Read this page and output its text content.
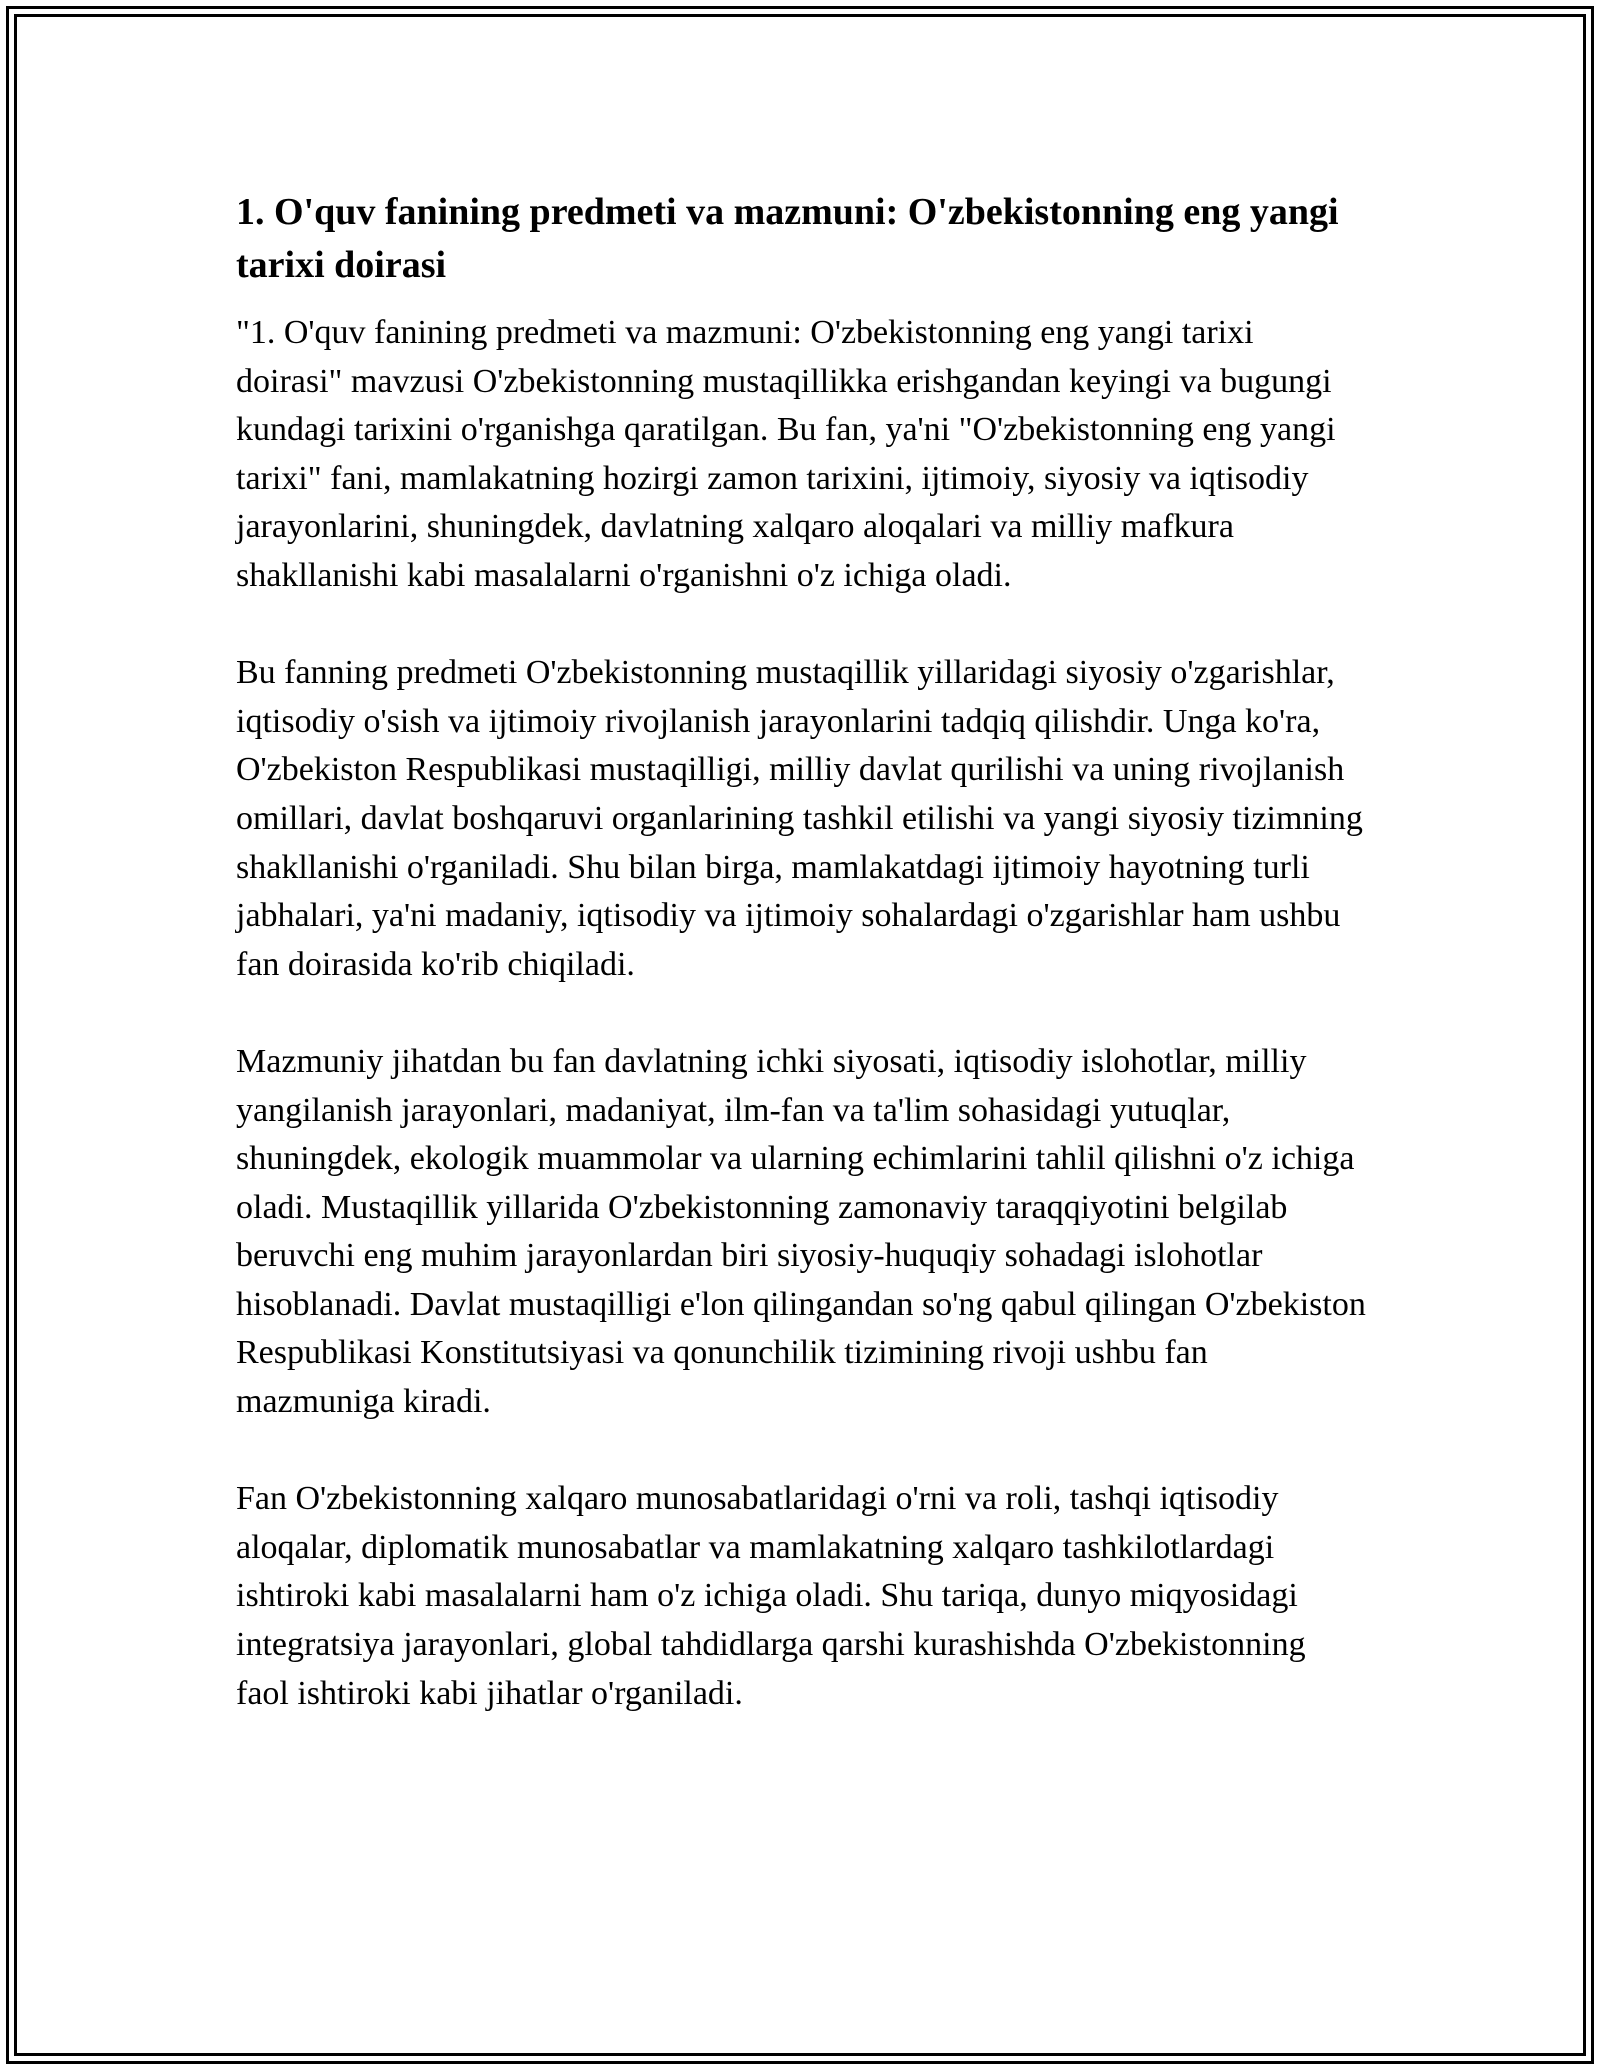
1. O'quv fanining predmeti va mazmuni: O'zbekistonning eng yangi tarixi doirasi

"1. O'quv fanining predmeti va mazmuni: O'zbekistonning eng yangi tarixi doirasi" mavzusi O'zbekistonning mustaqillikka erishgandan keyingi va bugungi kundagi tarixini o'rganishga qaratilgan. Bu fan, ya'ni "O'zbekistonning eng yangi tarixi" fani, mamlakatning hozirgi zamon tarixini, ijtimoiy, siyosiy va iqtisodiy jarayonlarini, shuningdek, davlatning xalqaro aloqalari va milliy mafkura shakllanishi kabi masalalarni o'rganishni o'z ichiga oladi.

Bu fanning predmeti O'zbekistonning mustaqillik yillaridagi siyosiy o'zgarishlar, iqtisodiy o'sish va ijtimoiy rivojlanish jarayonlarini tadqiq qilishdir. Unga ko'ra, O'zbekiston Respublikasi mustaqilligi, milliy davlat qurilishi va uning rivojlanish omillari, davlat boshqaruvi organlarining tashkil etilishi va yangi siyosiy tizimning shakllanishi o'rganiladi. Shu bilan birga, mamlakatdagi ijtimoiy hayotning turli jabhalari, ya'ni madaniy, iqtisodiy va ijtimoiy sohalardagi o'zgarishlar ham ushbu fan doirasida ko'rib chiqiladi.

Mazmuniy jihatdan bu fan davlatning ichki siyosati, iqtisodiy islohotlar, milliy yangilanish jarayonlari, madaniyat, ilm-fan va ta'lim sohasidagi yutuqlar, shuningdek, ekologik muammolar va ularning echimlarini tahlil qilishni o'z ichiga oladi. Mustaqillik yillarida O'zbekistonning zamonaviy taraqqiyotini belgilab beruvchi eng muhim jarayonlardan biri siyosiy-huquqiy sohadagi islohotlar hisoblanadi. Davlat mustaqilligi e'lon qilingandan so'ng qabul qilingan O'zbekiston Respublikasi Konstitutsiyasi va qonunchilik tizimining rivoji ushbu fan mazmuniga kiradi.

Fan O'zbekistonning xalqaro munosabatlaridagi o'rni va roli, tashqi iqtisodiy aloqalar, diplomatik munosabatlar va mamlakatning xalqaro tashkilotlardagi ishtiroki kabi masalalarni ham o'z ichiga oladi. Shu tariqa, dunyo miqyosidagi integratsiya jarayonlari, global tahdidlarga qarshi kurashishda O'zbekistonning faol ishtiroki kabi jihatlar o'rganiladi.
